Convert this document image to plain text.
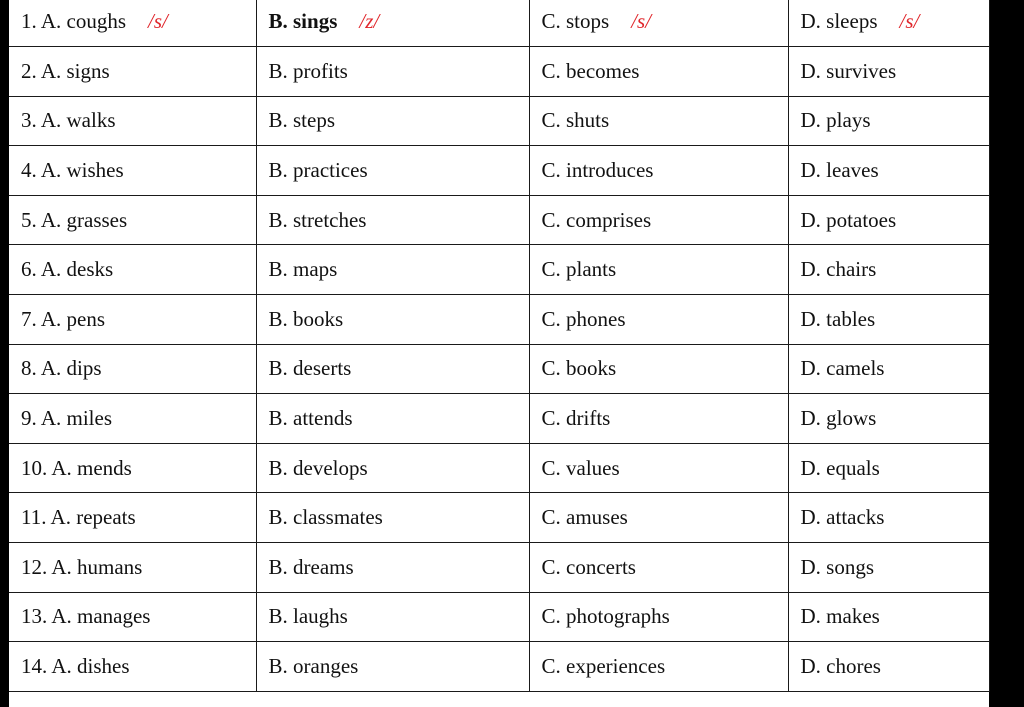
1. A. coughs /s/	B. sings /z/	C. stops /s/	D. sleeps /s/
2. A. signs	B. profits	C. becomes	D. survives
3. A. walks	B. steps	C. shuts	D. plays
4. A. wishes	B. practices	C. introduces	D. leaves
5. A. grasses	B. stretches	C. comprises	D. potatoes
6. A. desks	B. maps	C. plants	D. chairs
7. A. pens	B. books	C. phones	D. tables
8. A. dips	B. deserts	C. books	D. camels
9. A. miles	B. attends	C. drifts	D. glows
10. A. mends	B. develops	C. values	D. equals
11. A. repeats	B. classmates	C. amuses	D. attacks
12. A. humans	B. dreams	C. concerts	D. songs
13. A. manages	B. laughs	C. photographs	D. makes
14. A. dishes	B. oranges	C. experiences	D. chores
